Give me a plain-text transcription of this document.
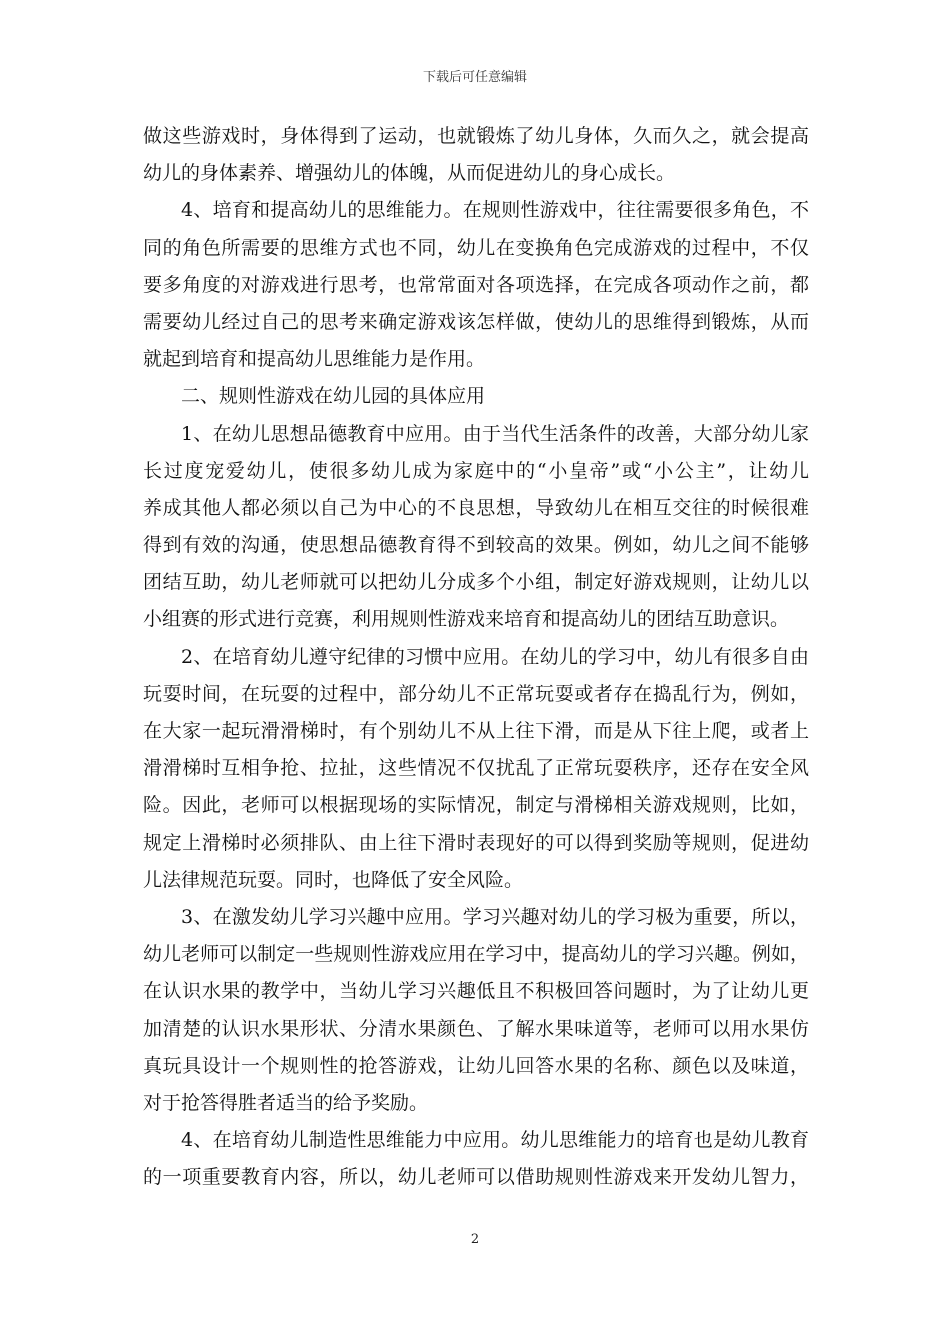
下载后可任意编辑
做这些游戏时，身体得到了运动，也就锻炼了幼儿身体，久而久之，就会提高
幼儿的身体素养、增强幼儿的体魄，从而促进幼儿的身心成长。
4、培育和提高幼儿的思维能力。在规则性游戏中，往往需要很多角色，不
同的角色所需要的思维方式也不同，幼儿在变换角色完成游戏的过程中，不仅
要多角度的对游戏进行思考，也常常面对各项选择，在完成各项动作之前，都
需要幼儿经过自己的思考来确定游戏该怎样做，使幼儿的思维得到锻炼，从而
就起到培育和提高幼儿思维能力是作用。
二、规则性游戏在幼儿园的具体应用
1、在幼儿思想品德教育中应用。由于当代生活条件的改善，大部分幼儿家
长过度宠爱幼儿，使很多幼儿成为家庭中的“小皇帝”或“小公主”，让幼儿
养成其他人都必须以自己为中心的不良思想，导致幼儿在相互交往的时候很难
得到有效的沟通，使思想品德教育得不到较高的效果。例如，幼儿之间不能够
团结互助，幼儿老师就可以把幼儿分成多个小组，制定好游戏规则，让幼儿以
小组赛的形式进行竞赛，利用规则性游戏来培育和提高幼儿的团结互助意识。
2、在培育幼儿遵守纪律的习惯中应用。在幼儿的学习中，幼儿有很多自由
玩耍时间，在玩耍的过程中，部分幼儿不正常玩耍或者存在捣乱行为，例如，
在大家一起玩滑滑梯时，有个别幼儿不从上往下滑，而是从下往上爬，或者上
滑滑梯时互相争抢、拉扯，这些情况不仅扰乱了正常玩耍秩序，还存在安全风
险。因此，老师可以根据现场的实际情况，制定与滑梯相关游戏规则，比如，
规定上滑梯时必须排队、由上往下滑时表现好的可以得到奖励等规则，促进幼
儿法律规范玩耍。同时，也降低了安全风险。
3、在激发幼儿学习兴趣中应用。学习兴趣对幼儿的学习极为重要，所以，
幼儿老师可以制定一些规则性游戏应用在学习中，提高幼儿的学习兴趣。例如，
在认识水果的教学中，当幼儿学习兴趣低且不积极回答问题时，为了让幼儿更
加清楚的认识水果形状、分清水果颜色、了解水果味道等，老师可以用水果仿
真玩具设计一个规则性的抢答游戏，让幼儿回答水果的名称、颜色以及味道，
对于抢答得胜者适当的给予奖励。
4、在培育幼儿制造性思维能力中应用。幼儿思维能力的培育也是幼儿教育
的一项重要教育内容，所以，幼儿老师可以借助规则性游戏来开发幼儿智力，
2
